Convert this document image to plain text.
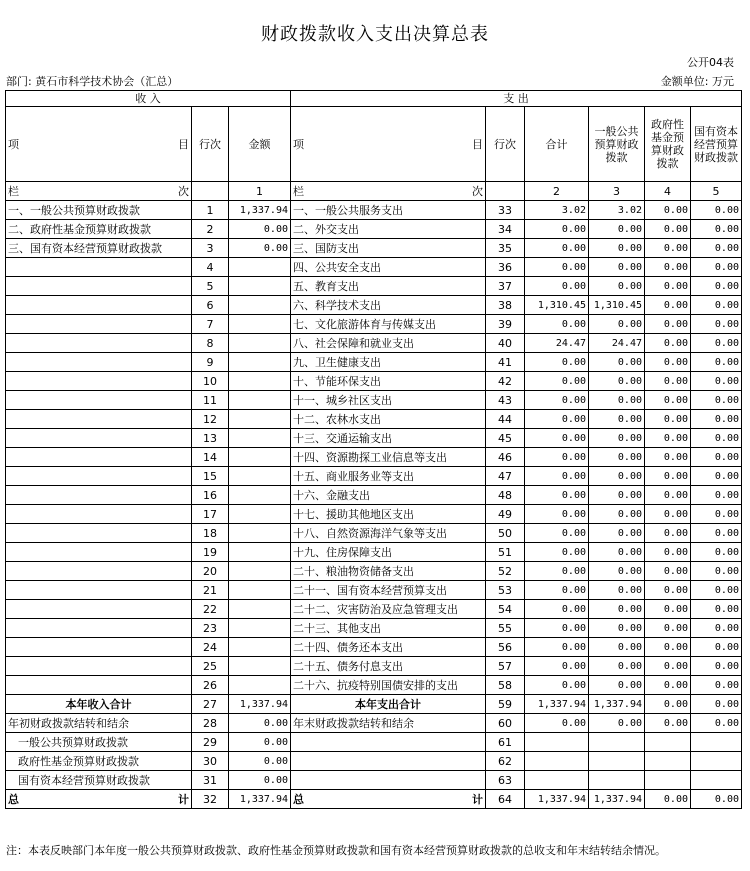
财政拨款收入支出决算总表
公开04表
部门: 黄石市科学技术协会（汇总）	金额单位: 万元
收 入			支 出					

项 目	行次	金额	项 目	行次	合计	一般公共预算财政拨款	政府性基金预算财政拨款	国有资本经营预算财政拨款

栏 次		1	栏 次		2	3	4	5
一、一般公共预算财政拨款	1	1,337.94	一、一般公共服务支出	33	3.02	3.02	0.00	0.00
二、政府性基金预算财政拨款	2	0.00	二、外交支出	34	0.00	0.00	0.00	0.00
三、国有资本经营预算财政拨款	3	0.00	三、国防支出	35	0.00	0.00	0.00	0.00
	4		四、公共安全支出	36	0.00	0.00	0.00	0.00
	5		五、教育支出	37	0.00	0.00	0.00	0.00
	6		六、科学技术支出	38	1,310.45	1,310.45	0.00	0.00
	7		七、文化旅游体育与传媒支出	39	0.00	0.00	0.00	0.00
	8		八、社会保障和就业支出	40	24.47	24.47	0.00	0.00
	9		九、卫生健康支出	41	0.00	0.00	0.00	0.00
	10		十、节能环保支出	42	0.00	0.00	0.00	0.00
	11		十一、城乡社区支出	43	0.00	0.00	0.00	0.00
	12		十二、农林水支出	44	0.00	0.00	0.00	0.00
	13		十三、交通运输支出	45	0.00	0.00	0.00	0.00
	14		十四、资源勘探工业信息等支出	46	0.00	0.00	0.00	0.00
	15		十五、商业服务业等支出	47	0.00	0.00	0.00	0.00
	16		十六、金融支出	48	0.00	0.00	0.00	0.00
	17		十七、援助其他地区支出	49	0.00	0.00	0.00	0.00
	18		十八、自然资源海洋气象等支出	50	0.00	0.00	0.00	0.00
	19		十九、住房保障支出	51	0.00	0.00	0.00	0.00
	20		二十、粮油物资储备支出	52	0.00	0.00	0.00	0.00
	21		二十一、国有资本经营预算支出	53	0.00	0.00	0.00	0.00
	22		二十二、灾害防治及应急管理支出	54	0.00	0.00	0.00	0.00
	23		二十三、其他支出	55	0.00	0.00	0.00	0.00
	24		二十四、债务还本支出	56	0.00	0.00	0.00	0.00
	25		二十五、债务付息支出	57	0.00	0.00	0.00	0.00
	26		二十六、抗疫特别国债安排的支出	58	0.00	0.00	0.00	0.00
本年收入合计	27	1,337.94	本年支出合计	59	1,337.94	1,337.94	0.00	0.00
年初财政拨款结转和结余	28	0.00	年末财政拨款结转和结余	60	0.00	0.00	0.00	0.00
一般公共预算财政拨款	29	0.00		61				
政府性基金预算财政拨款	30	0.00		62				
国有资本经营预算财政拨款	31	0.00		63				

总 计	32	1,337.94	总 计	64	1,337.94	1,337.94	0.00	0.00
注：本表反映部门本年度一般公共预算财政拨款、政府性基金预算财政拨款和国有资本经营预算财政拨款的总收支和年末结转结余情况。
